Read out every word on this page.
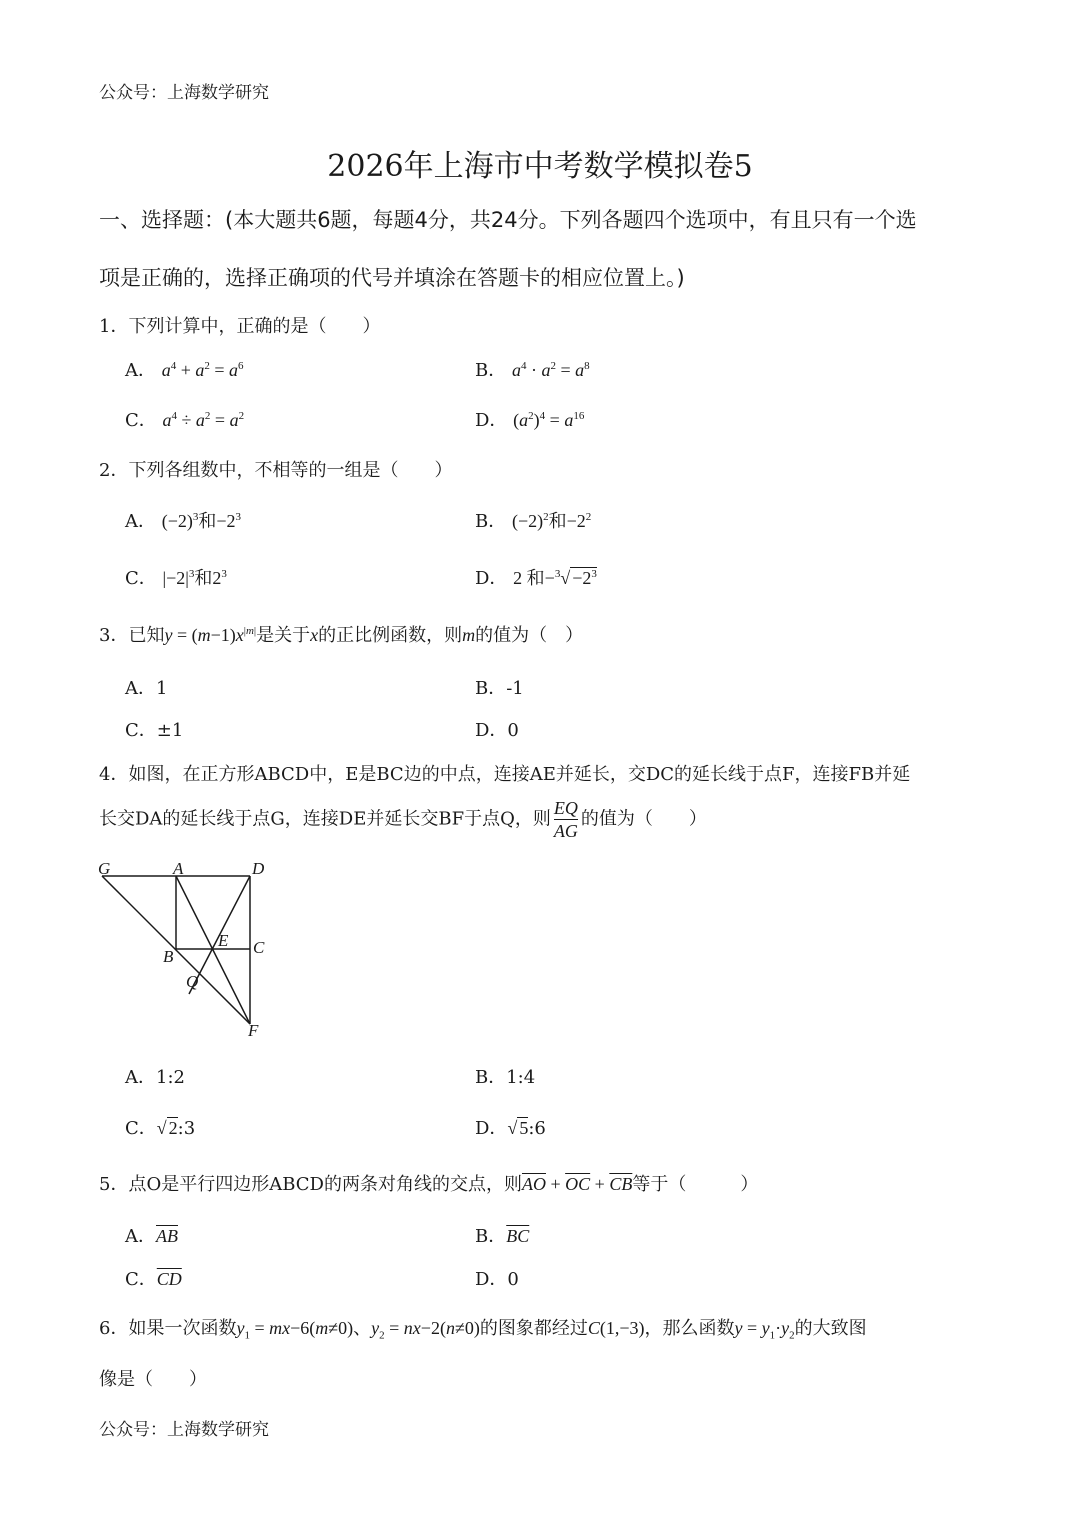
公众号：上海数学研究
2026年上海市中考数学模拟卷5
一、选择题：(本大题共6题，每题4分，共24分。下列各题四个选项中，有且只有一个选
项是正确的，选择正确项的代号并填涂在答题卡的相应位置上。)
1．下列计算中，正确的是（　　）
A． $a^4 + a^2 = a^6$	B． $a^4 \cdot a^2 = a^8$
C． $a^4 \div a^2 = a^2$	D． $(a^2)^4 = a^{16}$
2．下列各组数中，不相等的一组是（　　）
A． $(-2)^3$和$-2^3$	B． $(-2)^2$和$-2^2$
C． $|-2|^3$和$2^3$	D． 2 和$-^3√ -2^3$
3．已知$y = (m-1)x^{|m|}$是关于x的正比例函数，则m的值为（　）
A．1	B．-1
C．±1	D．0
4．如图，在正方形ABCD中，E是BC边的中点，连接AE并延长，交DC的延长线于点F，连接FB并延
长交DA的延长线于点G，连接DE并延长交BF于点Q，则 $\frac{EQ}{AG}$ 的值为（　　）
G	A	D
E
B	C
Q
F
A．1:2	B．1:4
C．√ 2:3	D．√ 5:6
5．点O是平行四边形ABCD的两条对角线的交点，则$\overline{AO} + \overline{OC} + \overline{CB}$等于（　　　）
A．$\overline{AB}$	B．$\overline{BC}$
C．$\overline{CD}$	D．0
6．如果一次函数$y_1 = mx-6(m\ne 0)$、$y_2 = nx-2(n\ne 0)$的图象都经过C(1,−3)，那么函数$y = y_1\cdot y_2$的大致图
像是（　　）
公众号：上海数学研究
